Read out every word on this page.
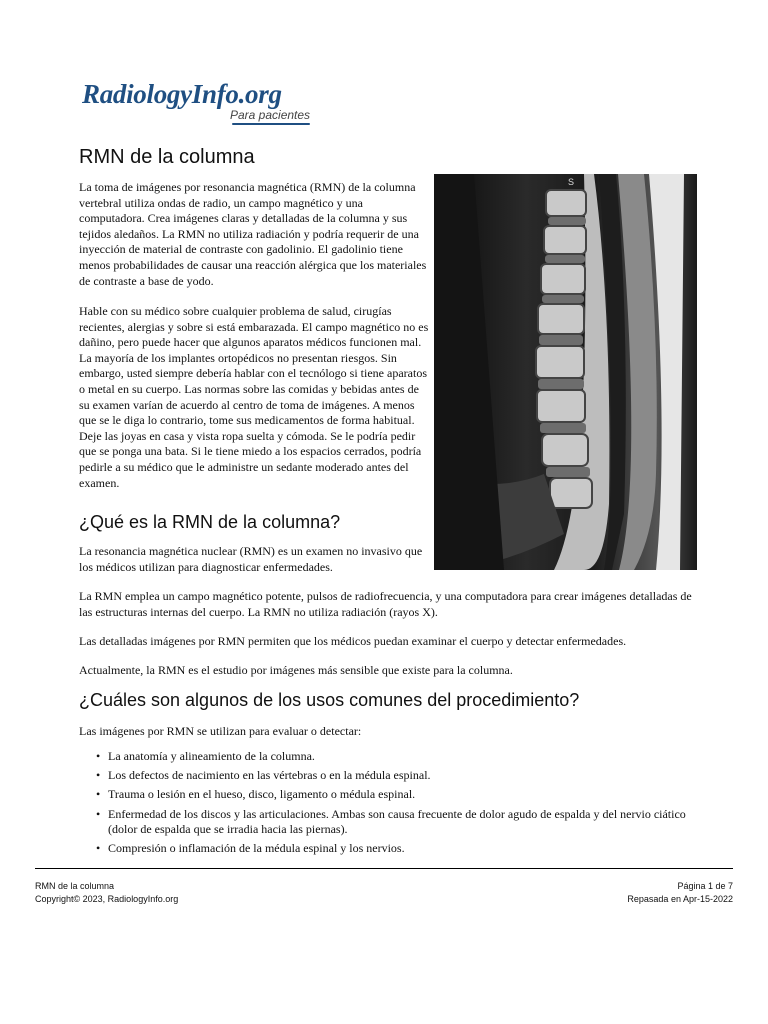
RadiologyInfo.org
Para pacientes
RMN de la columna

La toma de imágenes por resonancia magnética (RMN) de la columna vertebral utiliza ondas de radio, un campo magnético y una computadora. Crea imágenes claras y detalladas de la columna y sus tejidos aledaños. La RMN no utiliza radiación y podría requerir de una inyección de material de contraste con gadolinio. El gadolinio tiene menos probabilidades de causar una reacción alérgica que los materiales de contraste a base de yodo.

Hable con su médico sobre cualquier problema de salud, cirugías recientes, alergias y sobre si está embarazada. El campo magnético no es dañino, pero puede hacer que algunos aparatos médicos funcionen mal. La mayoría de los implantes ortopédicos no presentan riesgos. Sin embargo, usted siempre debería hablar con el tecnólogo si tiene aparatos o metal en su cuerpo. Las normas sobre las comidas y bebidas antes de su examen varían de acuerdo al centro de toma de imágenes. A menos que se le diga lo contrario, tome sus medicamentos de forma habitual. Deje las joyas en casa y vista ropa suelta y cómoda. Se le podría pedir que se ponga una bata. Si le tiene miedo a los espacios cerrados, podría pedirle a su médico que le administre un sedante moderado antes del examen.

S
¿Qué es la RMN de la columna?

La resonancia magnética nuclear (RMN) es un examen no invasivo que los médicos utilizan para diagnosticar enfermedades.

La RMN emplea un campo magnético potente, pulsos de radiofrecuencia, y una computadora para crear imágenes detalladas de las estructuras internas del cuerpo. La RMN no utiliza radiación (rayos X).

Las detalladas imágenes por RMN permiten que los médicos puedan examinar el cuerpo y detectar enfermedades.

Actualmente, la RMN es el estudio por imágenes más sensible que existe para la columna.

¿Cuáles son algunos de los usos comunes del procedimiento?

Las imágenes por RMN se utilizan para evaluar o detectar:

• La anatomía y alineamiento de la columna.
• Los defectos de nacimiento en las vértebras o en la médula espinal.
• Trauma o lesión en el hueso, disco, ligamento o médula espinal.
• Enfermedad de los discos y las articulaciones. Ambas son causa frecuente de dolor agudo de espalda y del nervio ciático (dolor de espalda que se irradia hacia las piernas).
• Compresión o inflamación de la médula espinal y los nervios.
RMN de la columna
Copyright© 2023, RadiologyInfo.org
Página 1 de 7
Repasada en Apr-15-2022
